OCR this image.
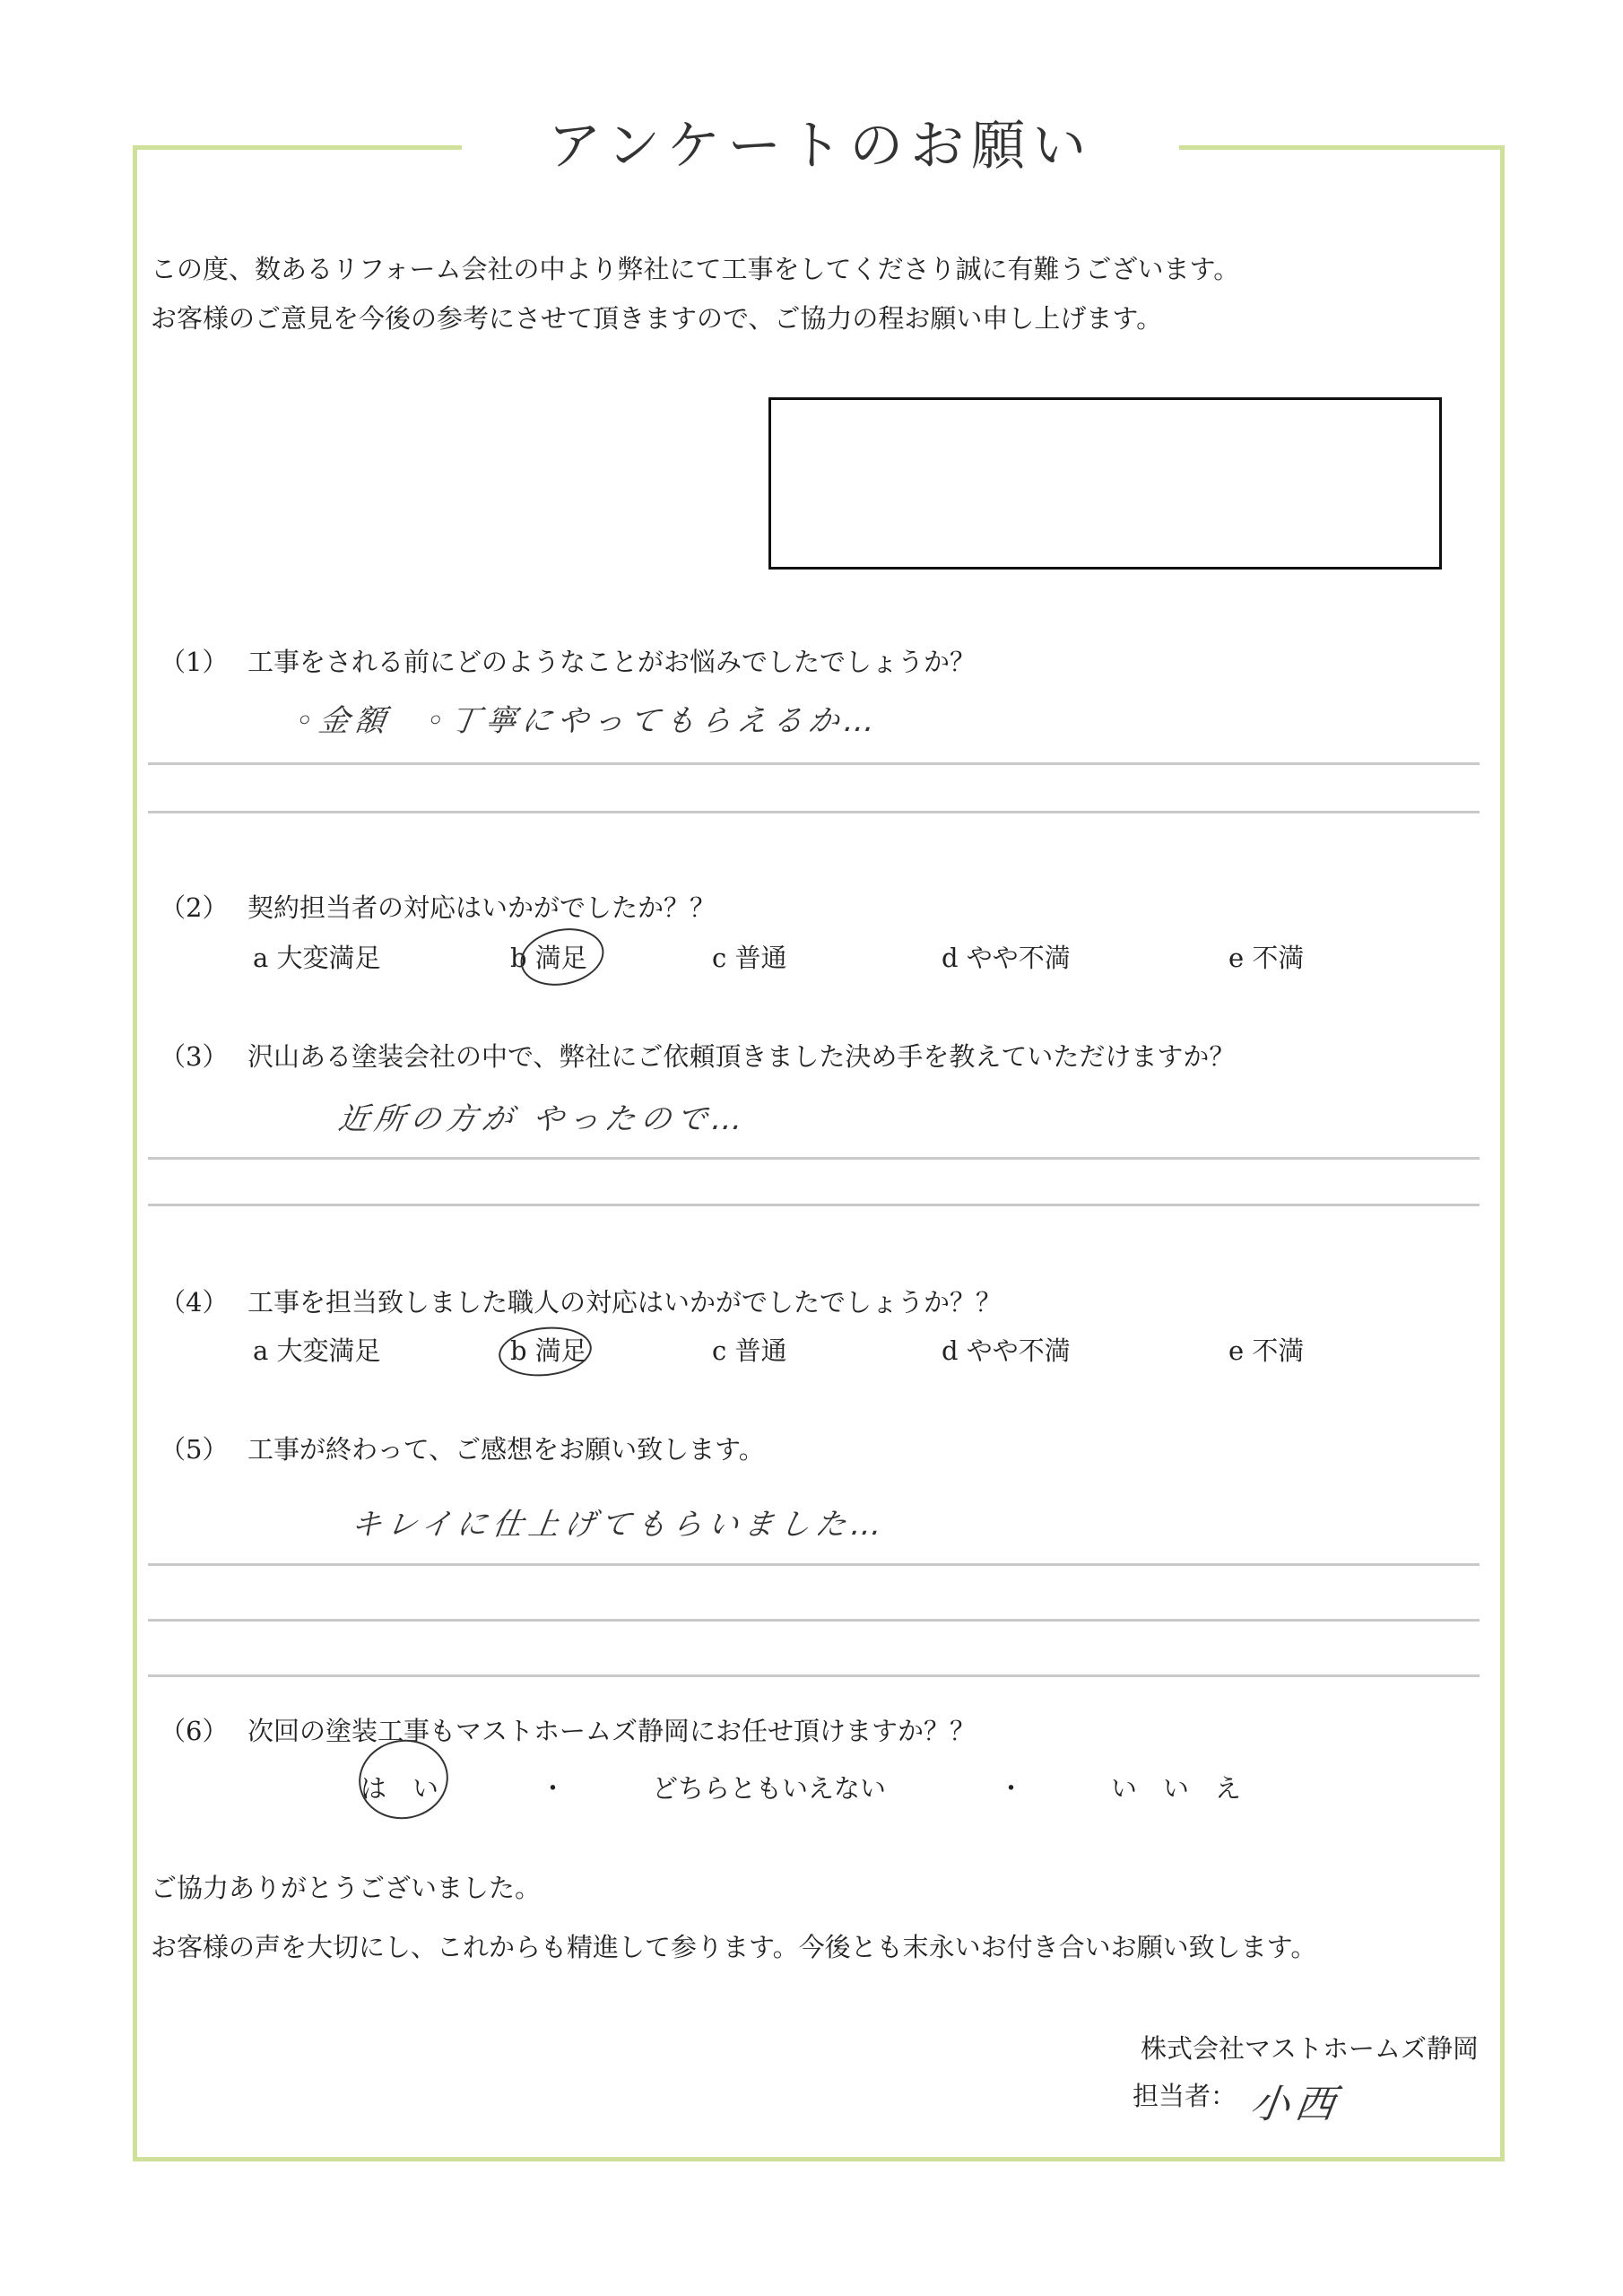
アンケートのお願い
この度、数あるリフォーム会社の中より弊社にて工事をしてくださり誠に有難うございます。
お客様のご意見を今後の参考にさせて頂きますので、ご協力の程お願い申し上げます。
（1） 工事をされる前にどのようなことがお悩みでしたでしょうか？
◦金額　◦丁寧にやってもらえるか…
（2） 契約担当者の対応はいかがでしたか？？
a 大変満足	b 満足	c 普通	d やや不満	e 不満
（3） 沢山ある塗装会社の中で、弊社にご依頼頂きました決め手を教えていただけますか？
近所の方が やったので…
（4） 工事を担当致しました職人の対応はいかがでしたでしょうか？？
a 大変満足	b 満足	c 普通	d やや不満	e 不満
（5） 工事が終わって、ご感想をお願い致します。
キレイに仕上げてもらいました…
（6） 次回の塗装工事もマストホームズ静岡にお任せ頂けますか？？
は　い	・	どちらともいえない	・	い　い　え
ご協力ありがとうございました。
お客様の声を大切にし、これからも精進して参ります。今後とも末永いお付き合いお願い致します。
株式会社マストホームズ静岡
担当者： 小西
